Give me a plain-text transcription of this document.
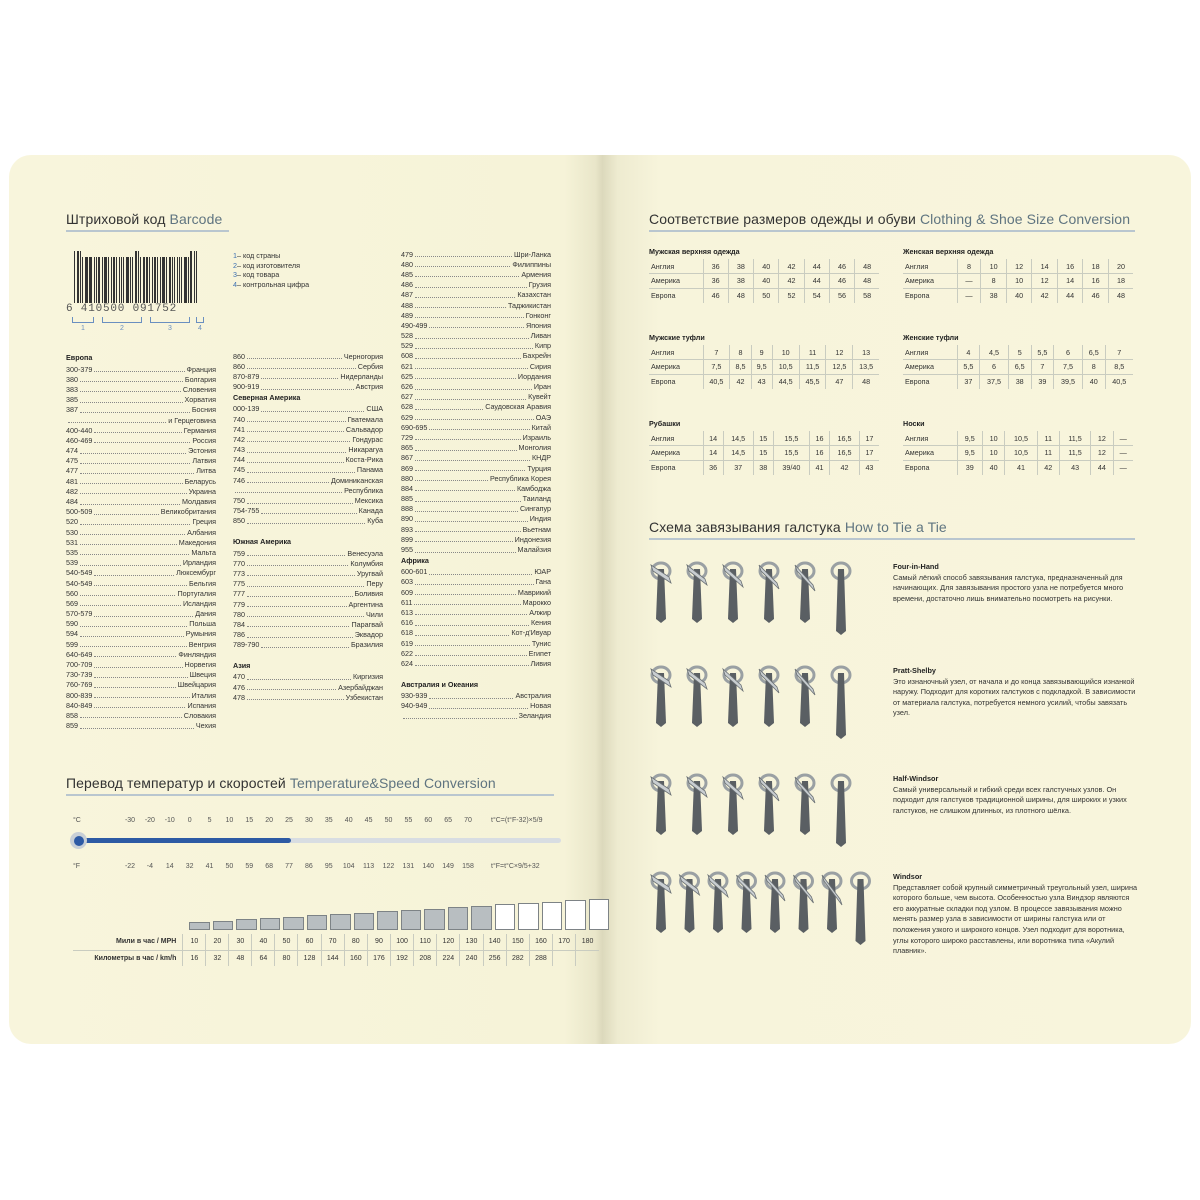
Штриховой код Barcode
6 410500 091752
1	2	3	4
1 – код страны
2 – код изготовителя
3 – код товара
4 – контрольная цифра
Европа
300-379	Франция
380	Болгария
383	Словения
385	Хорватия
387	Босния
и Герцеговина
400-440	Германия
460-469	Россия
474	Эстония
475	Латвия
477	Литва
481	Беларусь
482	Украина
484	Молдавия
500-509	Великобритания
520	Греция
530	Албания
531	Македония
535	Мальта
539	Ирландия
540-549	Люксембург
540-549	Бельгия
560	Португалия
569	Исландия
570-579	Дания
590	Польша
594	Румыния
599	Венгрия
640-649	Финляндия
700-709	Норвегия
730-739	Швеция
760-769	Швейцария
800-839	Италия
840-849	Испания
858	Словакия
859	Чехия
860	Черногория
860	Сербия
870-879	Нидерланды
900-919	Австрия
Северная Америка
000-139	США
740	Гватемала
741	Сальвадор
742	Гондурас
743	Никарагуа
744	Коста-Рика
745	Панама
746	Доминиканская
Республика
750	Мексика
754-755	Канада
850	Куба
Южная Америка
759	Венесуэла
770	Колумбия
773	Уругвай
775	Перу
777	Боливия
779	Аргентина
780	Чили
784	Парагвай
786	Эквадор
789-790	Бразилия
Азия
470	Киргизия
476	Азербайджан
478	Узбекистан
479	Шри-Ланка
480	Филиппины
485	Армения
486	Грузия
487	Казахстан
488	Таджикистан
489	Гонконг
490-499	Япония
528	Ливан
529	Кипр
608	Бахрейн
621	Сирия
625	Иордания
626	Иран
627	Кувейт
628	Саудовская Аравия
629	ОАЭ
690-695	Китай
729	Израиль
865	Монголия
867	КНДР
869	Турция
880	Республика Корея
884	Камбоджа
885	Таиланд
888	Сингапур
890	Индия
893	Вьетнам
899	Индонезия
955	Малайзия
Африка
600-601	ЮАР
603	Гана
609	Маврикий
611	Марокко
613	Алжир
616	Кения
618	Кот-д'Ивуар
619	Тунис
622	Египет
624	Ливия
Австралия и Океания
930-939	Австралия
940-949	Новая
Зеландия
Перевод температур и скоростей Temperature&Speed Conversion
°C
°F
-30 -20 -10	0	5	10	15	20	25	30	35	40	45	50	55	60	65	70
-22	-4	14	32	41	50	59	68	77	86	95	104 113 122 131 140 149 158
t°C=(t°F-32)×5/9
t°F=t°C×9/5+32
Мили в час / MPH	10	20	30	40	50	60	70	80	90	100	110	120	130	140	150	160	170	180
Километры в час / km/h	16	32	48	64	80	128	144	160	176	192	208	224	240	256	282	288		
Соответствие размеров одежды и обуви Clothing & Shoe Size Conversion
Мужская верхняя одежда
Англия	36	38	40	42	44	46	48
Америка	36	38	40	42	44	46	48
Европа	46	48	50	52	54	56	58
Женская верхняя одежда
Англия	8	10	12	14	16	18	20
Америка	—	8	10	12	14	16	18
Европа	—	38	40	42	44	46	48
Мужские туфли
Англия	7	8	9	10	11	12	13
Америка	7,5	8,5	9,5	10,5	11,5	12,5	13,5
Европа	40,5	42	43	44,5	45,5	47	48
Женские туфли
Англия	4	4,5	5	5,5	6	6,5	7
Америка	5,5	6	6,5	7	7,5	8	8,5
Европа	37	37,5	38	39	39,5	40	40,5
Рубашки
Англия	14	14,5	15	15,5	16	16,5	17
Америка	14	14,5	15	15,5	16	16,5	17
Европа	36	37	38	39/40	41	42	43
Носки
Англия	9,5	10	10,5	11	11,5	12	—
Америка	9,5	10	10,5	11	11,5	12	—
Европа	39	40	41	42	43	44	—
Схема завязывания галстука How to Tie a Tie
Four-in-Hand
Самый лёгкий способ завязывания галстука, предназначенный для начинающих. Для завязывания простого узла не потребуется много времени, достаточно лишь внимательно посмотреть на рисунки.
Pratt-Shelby
Это изнаночный узел, от начала и до конца завязывающийся изнанкой наружу. Подходит для коротких галстуков с подкладкой. В зависимости от материала галстука, потребуется немного усилий, чтобы завязать узел.
Half-Windsor
Самый универсальный и гибкий среди всех галстучных узлов. Он подходит для галстуков традиционной ширины, для широких и узких галстуков, не слишком длинных, из плотного шёлка.
Windsor
Представляет собой крупный симметричный треугольный узел, ширина которого больше, чем высота. Особенностью узла Виндзор являются его аккуратные складки под узлом. В процессе завязывания можно менять размер узла в зависимости от ширины галстука или от положения узкого и широкого концов. Узел подходит для воротника, углы которого широко расставлены, или воротника типа «Акулий плавник».
